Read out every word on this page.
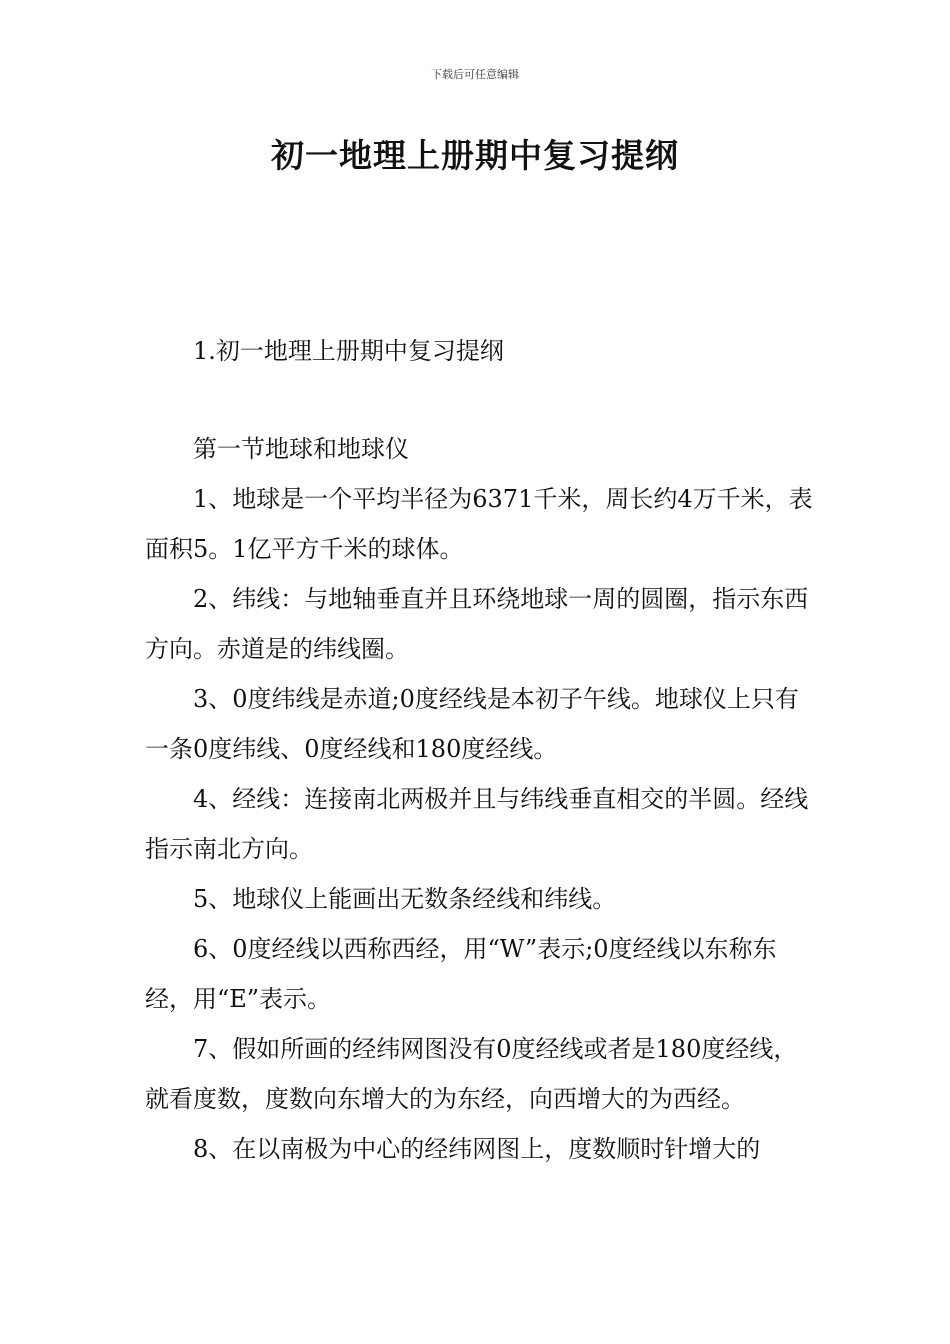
下载后可任意编辑
初一地理上册期中复习提纲

1.初一地理上册期中复习提纲

第一节地球和地球仪

1、地球是一个平均半径为6371千米，周长约4万千米，表面积5。1亿平方千米的球体。

2、纬线：与地轴垂直并且环绕地球一周的圆圈，指示东西方向。赤道是的纬线圈。

3、0度纬线是赤道;0度经线是本初子午线。地球仪上只有一条0度纬线、0度经线和180度经线。

4、经线：连接南北两极并且与纬线垂直相交的半圆。经线指示南北方向。

5、地球仪上能画出无数条经线和纬线。

6、0度经线以西称西经，用“W”表示;0度经线以东称东经，用“E”表示。

7、假如所画的经纬网图没有0度经线或者是180度经线，就看度数，度数向东增大的为东经，向西增大的为西经。

8、在以南极为中心的经纬网图上，度数顺时针增大的
